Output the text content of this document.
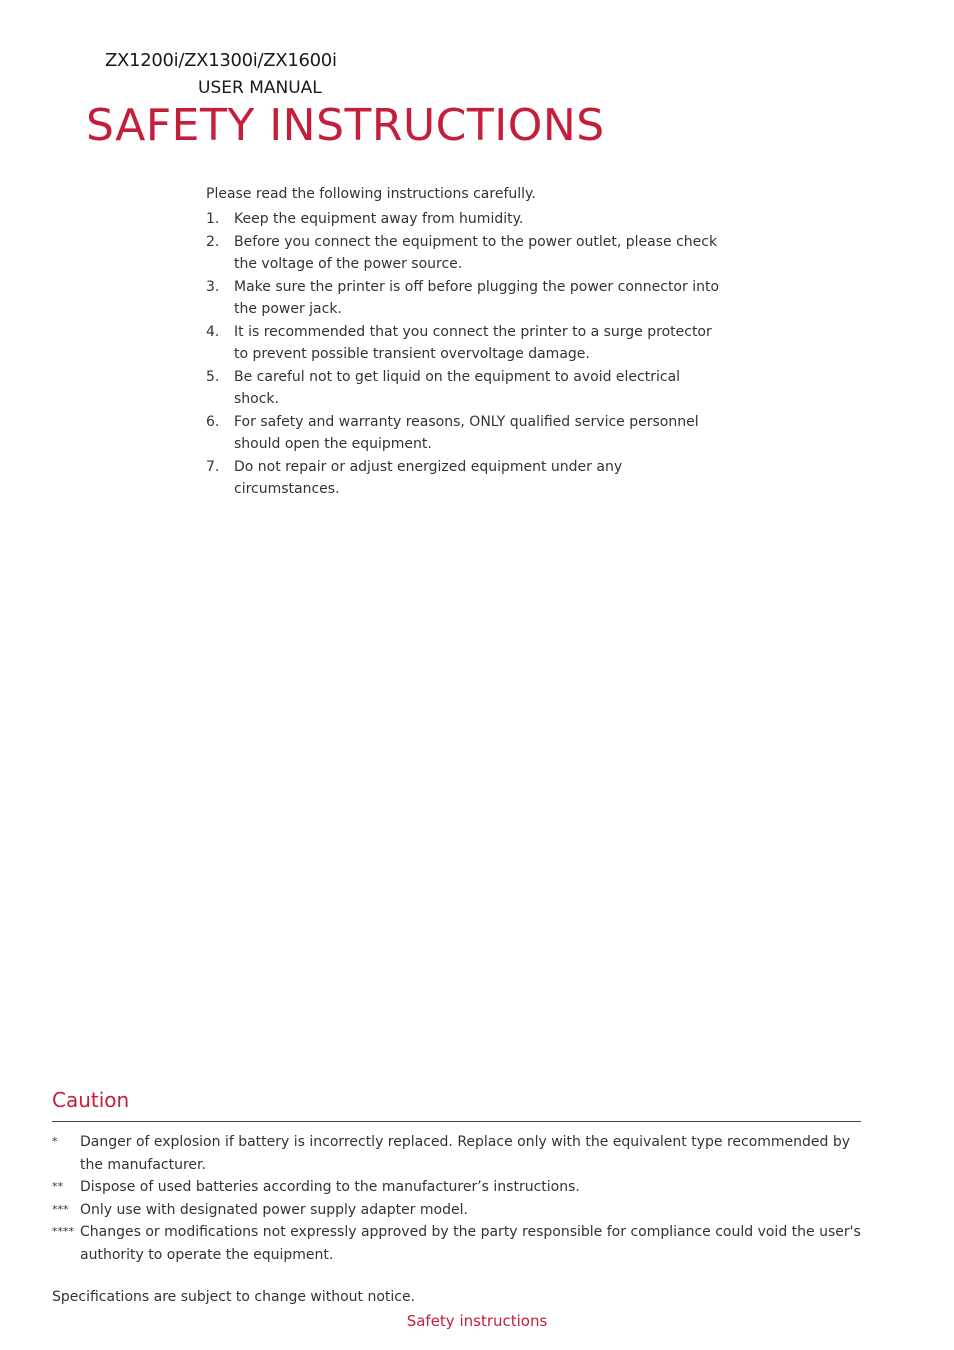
ZX1200i/ZX1300i/ZX1600i
USER MANUAL
SAFETY INSTRUCTIONS

Please read the following instructions carefully.

1.	Keep the equipment away from humidity.
2.	Before you connect the equipment to the power outlet, please check the voltage of the power source.
3.	Make sure the printer is off before plugging the power connector into the power jack.
4.	It is recommended that you connect the printer to a surge protector to prevent possible transient overvoltage damage.
5.	Be careful not to get liquid on the equipment to avoid electrical shock.
6.	For safety and warranty reasons, ONLY qualified service personnel should open the equipment.
7.	Do not repair or adjust energized equipment under any circumstances.
Caution
*	Danger of explosion if battery is incorrectly replaced. Replace only with the equivalent type recommended by the manufacturer.
**	Dispose of used batteries according to the manufacturer’s instructions.
*** Only use with designated power supply adapter model.
**** Changes or modifications not expressly approved by the party responsible for compliance could void the user's authority to operate the equipment.

Specifications are subject to change without notice.

Safety instructions
